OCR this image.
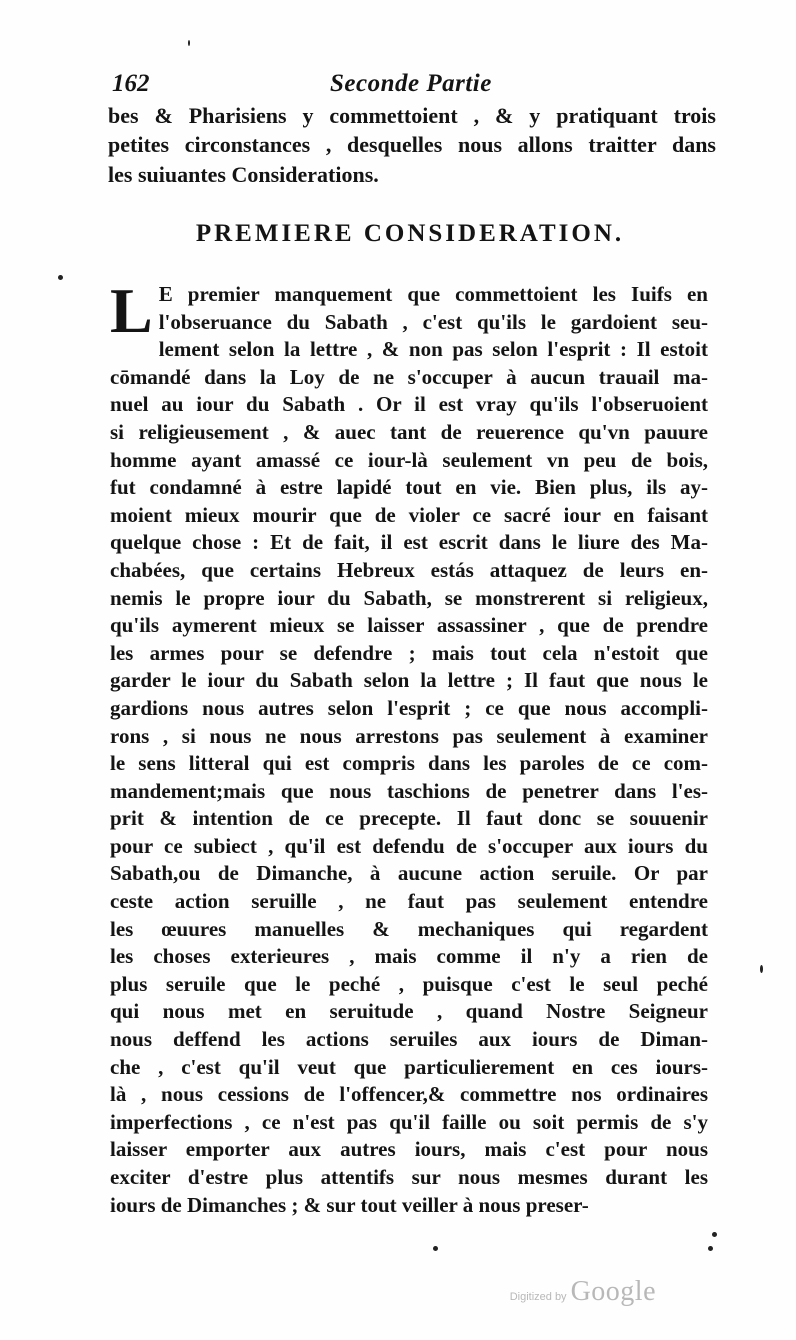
162	Seconde Partie
bes & Pharisiens y commettoient , & y pratiquant trois
petites circonstances , desquelles nous allons traitter dans
les suiuantes Considerations.
PREMIERE CONSIDERATION.
L E premier manquement que commettoient les Iuifs en
l'obseruance du Sabath , c'est qu'ils le gardoient seu-
lement selon la lettre , & non pas selon l'esprit : Il estoit
cōmandé dans la Loy de ne s'occuper à aucun trauail ma-
nuel au iour du Sabath . Or il est vray qu'ils l'obseruoient
si religieusement , & auec tant de reuerence qu'vn pauure
homme ayant amassé ce iour-là seulement vn peu de bois,
fut condamné à estre lapidé tout en vie. Bien plus, ils ay-
moient mieux mourir que de violer ce sacré iour en faisant
quelque chose : Et de fait, il est escrit dans le liure des Ma-
chabées, que certains Hebreux estás attaquez de leurs en-
nemis le propre iour du Sabath, se monstrerent si religieux,
qu'ils aymerent mieux se laisser assassiner , que de prendre
les armes pour se defendre ; mais tout cela n'estoit que
garder le iour du Sabath selon la lettre ; Il faut que nous le
gardions nous autres selon l'esprit ; ce que nous accompli-
rons , si nous ne nous arrestons pas seulement à examiner
le sens litteral qui est compris dans les paroles de ce com-
mandement;mais que nous taschions de penetrer dans l'es-
prit & intention de ce precepte. Il faut donc se souuenir
pour ce subiect , qu'il est defendu de s'occuper aux iours du
Sabath,ou de Dimanche, à aucune action seruile. Or par
ceste action seruille , ne faut pas seulement entendre
les œuures manuelles & mechaniques qui regardent
les choses exterieures , mais comme il n'y a rien de
plus seruile que le peché , puisque c'est le seul peché
qui nous met en seruitude , quand Nostre Seigneur
nous deffend les actions seruiles aux iours de Diman-
che , c'est qu'il veut que particulierement en ces iours-
là , nous cessions de l'offencer,& commettre nos ordinaires
imperfections , ce n'est pas qu'il faille ou soit permis de s'y
laisser emporter aux autres iours, mais c'est pour nous
exciter d'estre plus attentifs sur nous mesmes durant les
iours de Dimanches ; & sur tout veiller à nous preser-
Digitized by Google
